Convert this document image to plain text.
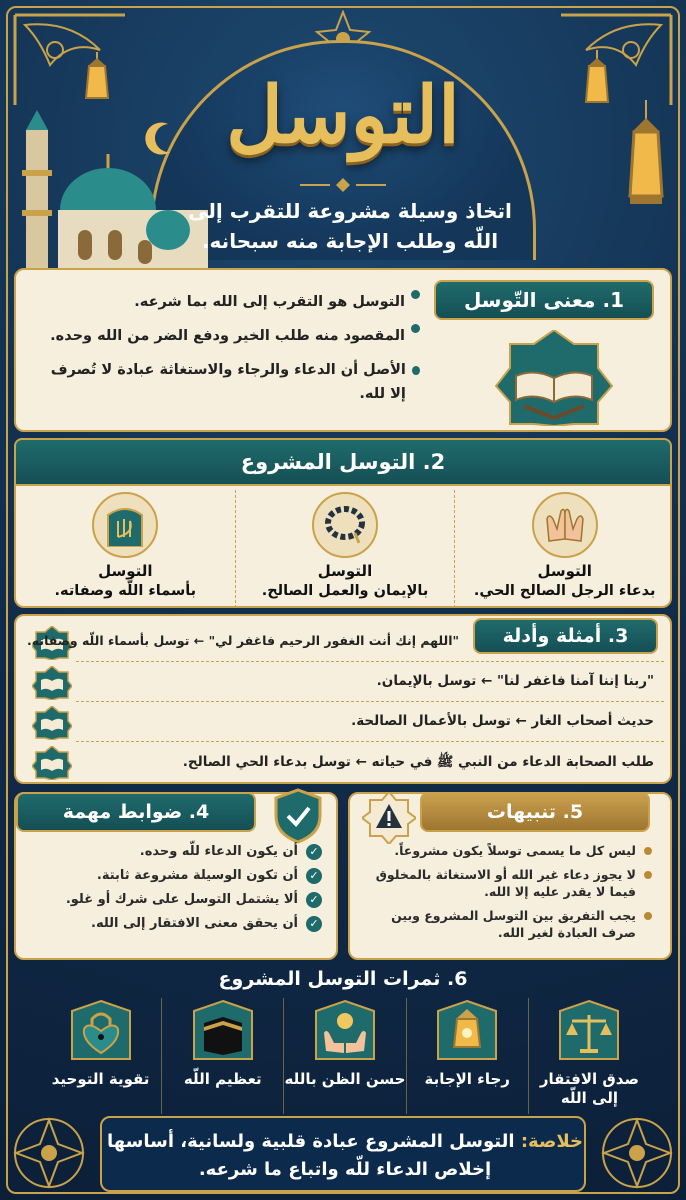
التوسل
اتخاذ وسيلة مشروعة للتقرب إلى اللّه وطلب الإجابة منه سبحانه.
1. معنى التّوسل
التوسل هو التقرب إلى الله بما شرعه.
المقصود منه طلب الخير ودفع الضر من الله وحده.
الأصل أن الدعاء والرجاء والاستغاثة عبادة لا تُصرف إلا لله.
2. التوسل المشروع
التوسل
بدعاء الرجل الصالح الحي.
التوسل
بالإيمان والعمل الصالح.
التوسل
بأسماء اللّه وصفاته.
"اللهم إنك أنت الغفور الرحيم فاغفر لي" ← توسل بأسماء اللّه وصفاته.
"ربنا إننا آمنا فاغفر لنا" ← توسل بالإيمان.
حديث أصحاب الغار ← توسل بالأعمال الصالحة.
طلب الصحابة الدعاء من النبي ﷺ في حياته ← توسل بدعاء الحي الصالح.
3. أمثلة وأدلة
4. ضوابط مهمة
✓
أن يكون الدعاء للّه وحده.
✓
أن تكون الوسيلة مشروعة ثابتة.
✓
ألا يشتمل التوسل على شرك أو غلو.
✓
أن يحقق معنى الافتقار إلى الله.
5. تنبيهات
ليس كل ما يسمى توسلاً يكون مشروعاً.
لا يجوز دعاء غير الله أو الاستغاثة بالمخلوق فيما لا يقدر عليه إلا الله.
يجب التفريق بين التوسل المشروع وبين صرف العبادة لغير الله.
6. ثمرات التوسل المشروع
صدق الافتقار إلى اللّه
رجاء الإجابة
حسن الظن بالله
تعظيم اللّه
تقوية التوحيد
خلاصة: التوسل المشروع عبادة قلبية ولسانية، أساسها إخلاص الدعاء للّه واتباع ما شرعه.
